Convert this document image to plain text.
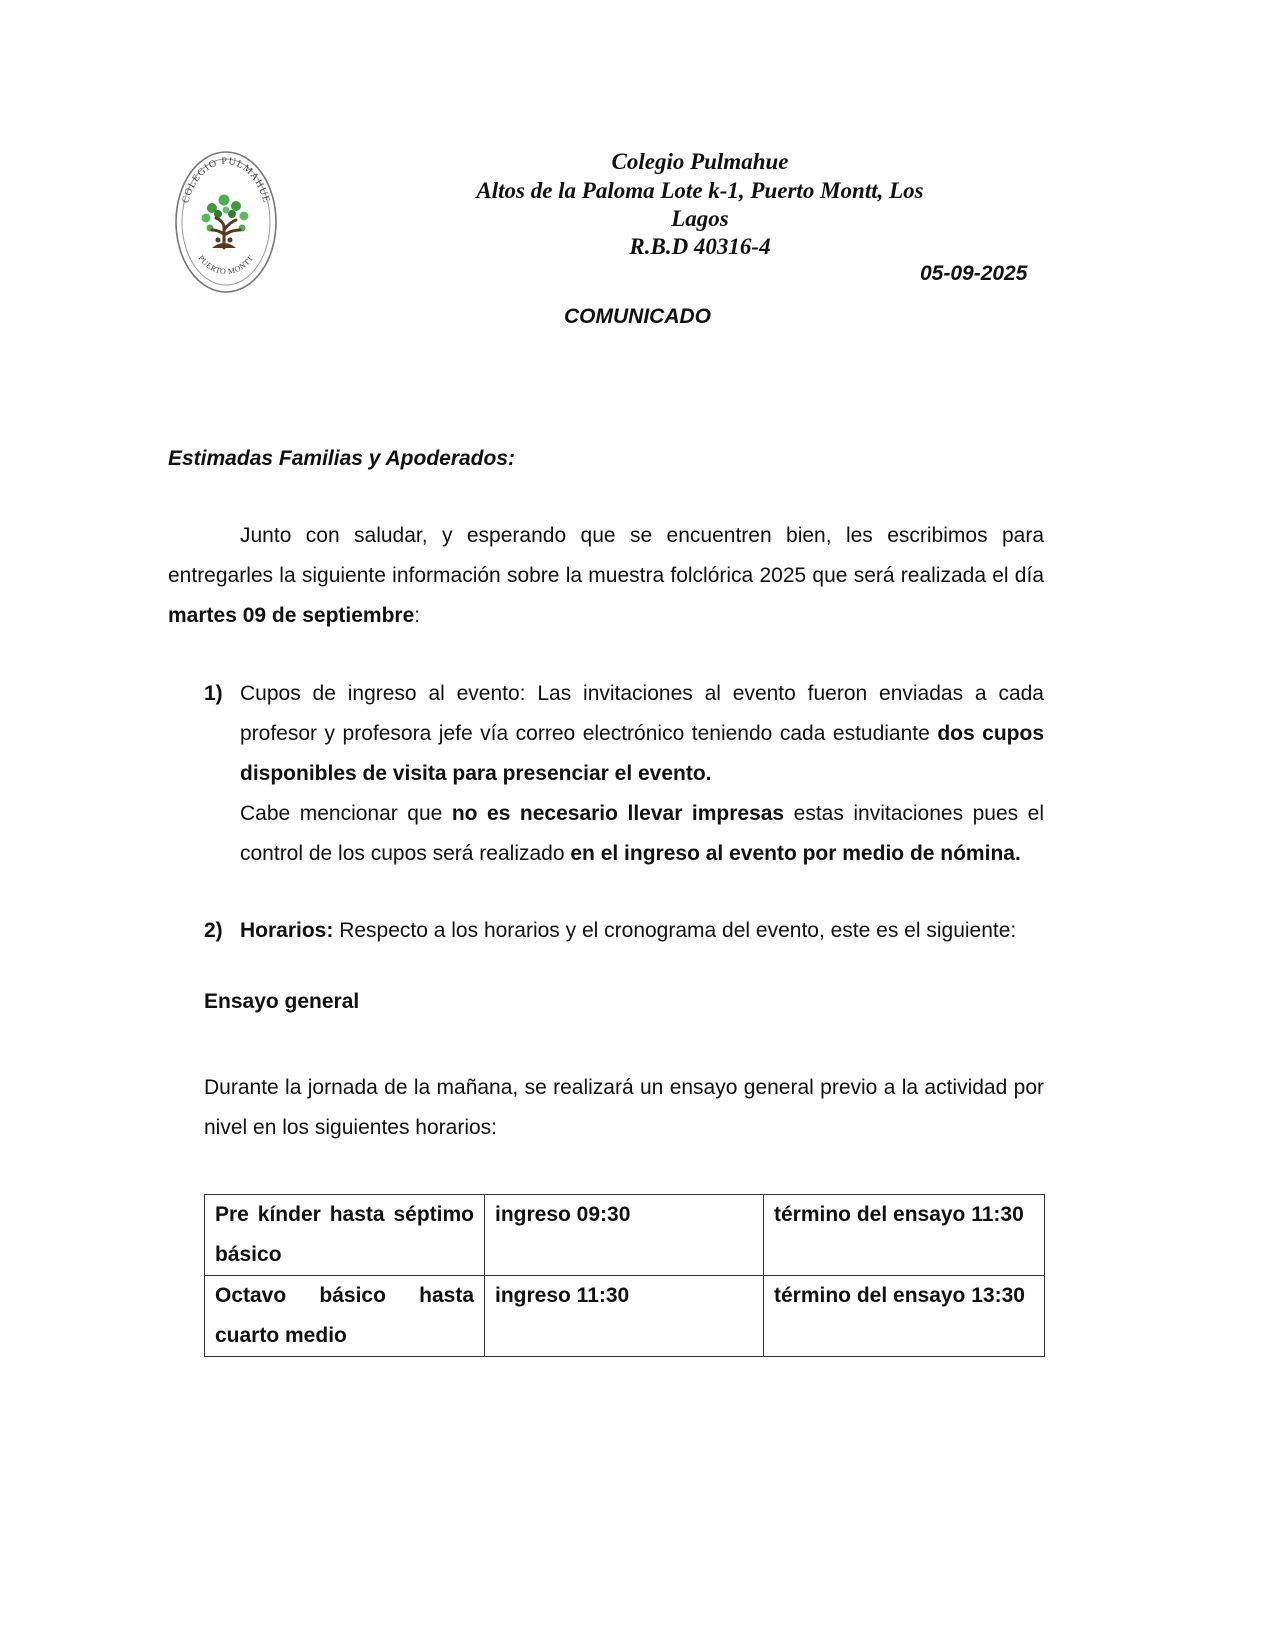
COLEGIO PULMAHUE
PUERTO MONTT
Colegio Pulmahue
Altos de la Paloma Lote k-1, Puerto Montt, Los
Lagos
R.B.D 40316-4
05-09-2025
COMUNICADO
Estimadas Familias y Apoderados:
Junto con saludar, y esperando que se encuentren bien, les escribimos para entregarles la siguiente información sobre la muestra folclórica 2025 que será realizada el día martes 09 de septiembre:
1) Cupos de ingreso al evento: Las invitaciones al evento fueron enviadas a cada profesor y profesora jefe vía correo electrónico teniendo cada estudiante dos cupos disponibles de visita para presenciar el evento.
Cabe mencionar que no es necesario llevar impresas estas invitaciones pues el control de los cupos será realizado en el ingreso al evento por medio de nómina.
2) Horarios: Respecto a los horarios y el cronograma del evento, este es el siguiente:
Ensayo general
Durante la jornada de la mañana, se realizará un ensayo general previo a la actividad por nivel en los siguientes horarios:
Pre kínder hasta séptimo básico	ingreso 09:30	término del ensayo 11:30
Octavo básico hasta cuarto medio	ingreso 11:30	término del ensayo 13:30
